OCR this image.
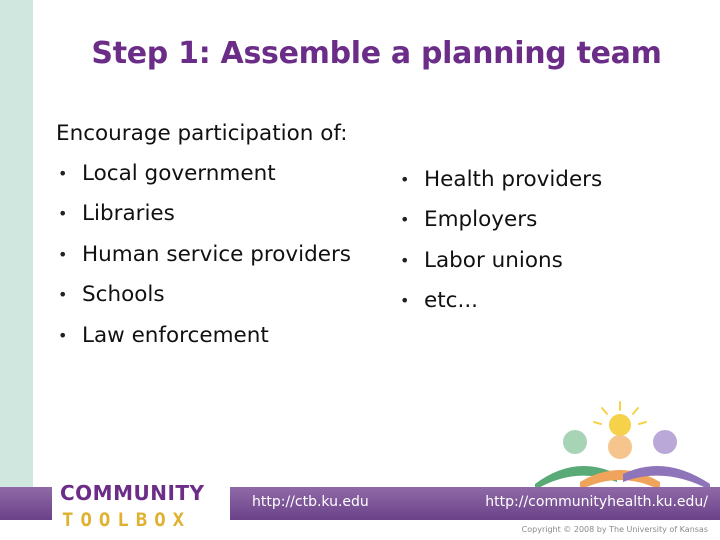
Step 1: Assemble a planning team

Encourage participation of:

• Local government
• Libraries
• Human service providers
• Schools
• Law enforcement
• Health providers
• Employers
• Labor unions
• etc...
http://ctb.ku.edu	http://communityhealth.ku.edu/
Copyright © 2008 by The University of Kansas
COMMUNITY
TOOLBOX
